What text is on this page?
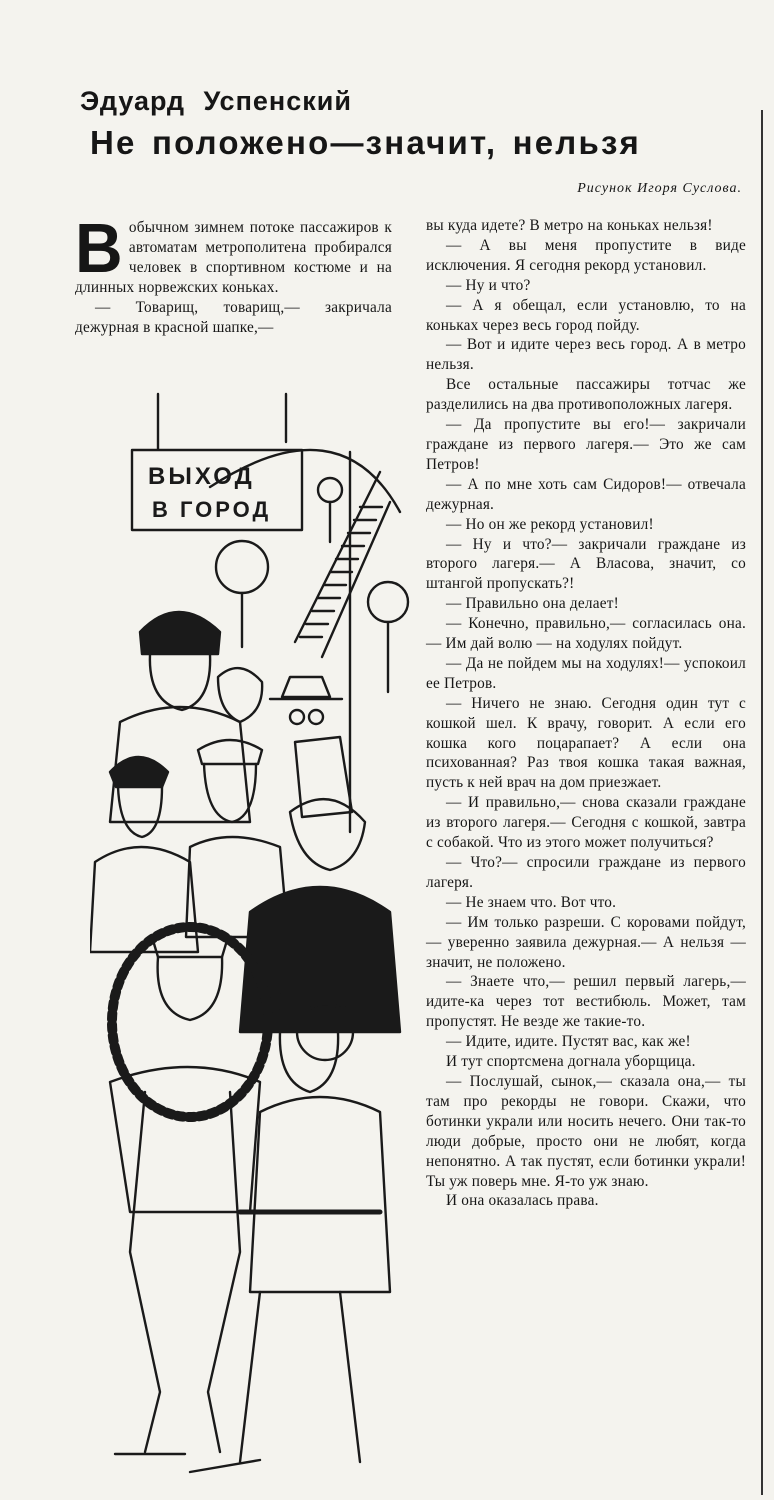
Эдуард Успенский
Не положено—значит, нельзя
Рисунок Игоря Суслова.
В обычном зимнем потоке пассажиров к автоматам метрополитена пробирался человек в спортивном костюме и на длинных норвежских коньках.

— Товарищ, товарищ,— закричала дежурная в красной шапке,—

вы куда идете? В метро на коньках нельзя!

— А вы меня пропустите в виде исключения. Я сегодня рекорд установил.

— Ну и что?

— А я обещал, если установлю, то на коньках через весь город пойду.

— Вот и идите через весь город. А в метро нельзя.

Все остальные пассажиры тотчас же разделились на два противоположных лагеря.

— Да пропустите вы его!— закричали граждане из первого лагеря.— Это же сам Петров!

— А по мне хоть сам Сидоров!— отвечала дежурная.

— Но он же рекорд установил!

— Ну и что?— закричали граждане из второго лагеря.— А Власова, значит, со штангой пропускать?!

— Правильно она делает!

— Конечно, правильно,— согласилась она.— Им дай волю — на ходулях пойдут.

— Да не пойдем мы на ходулях!— успокоил ее Петров.

— Ничего не знаю. Сегодня один тут с кошкой шел. К врачу, говорит. А если его кошка кого поцарапает? А если она психованная? Раз твоя кошка такая важная, пусть к ней врач на дом приезжает.

— И правильно,— снова сказали граждане из второго лагеря.— Сегодня с кошкой, завтра с собакой. Что из этого может получиться?

— Что?— спросили граждане из первого лагеря.

— Не знаем что. Вот что.

— Им только разреши. С коровами пойдут,— уверенно заявила дежурная.— А нельзя — значит, не положено.

— Знаете что,— решил первый лагерь,— идите-ка через тот вестибюль. Может, там пропустят. Не везде же такие-то.

— Идите, идите. Пустят вас, как же!

И тут спортсмена догнала уборщица.

— Послушай, сынок,— сказала она,— ты там про рекорды не говори. Скажи, что ботинки украли или носить нечего. Они так-то люди добрые, просто они не любят, когда непонятно. А так пустят, если ботинки украли! Ты уж поверь мне. Я-то уж знаю.

И она оказалась права.

ВЫХОД
В ГОРОД
